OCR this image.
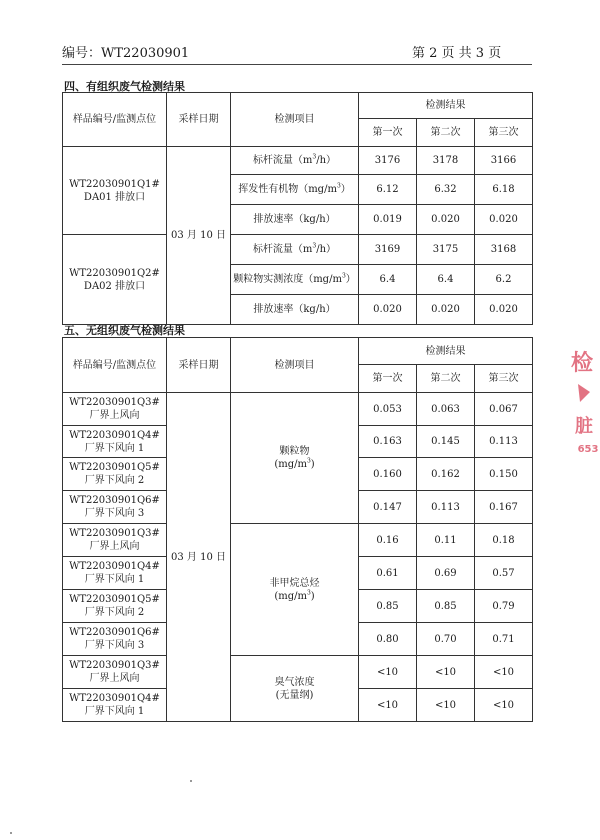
编号：WT22030901	第 2 页 共 3 页
四、有组织废气检测结果
样品编号/监测点位	采样日期	检测项目	检测结果		
			第一次	第二次	第三次

WT22030901Q1#
DA01 排放口	03 月 10 日	标杆流量$(m^3/h)$	3176	3178	3166
		挥发性有机物$(mg/m^3)$	6.12	6.32	6.18
		排放速率（kg/h）	0.019	0.020	0.020

WT22030901Q2#
DA02 排放口		标杆流量$(m^3/h)$	3169	3175	3168
		颗粒物实测浓度$(mg/m^3)$	6.4	6.4	6.2
		排放速率（kg/h）	0.020	0.020	0.020
五、无组织废气检测结果
样品编号/监测点位	采样日期	检测项目	检测结果		
			第一次	第二次	第三次

WT22030901Q3#
厂界上风向	03 月 10 日	颗粒物
$(mg/m^3)$	0.053	0.063	0.067

WT22030901Q4#
厂界下风向 1			0.163	0.145	0.113

WT22030901Q5#
厂界下风向 2			0.160	0.162	0.150

WT22030901Q6#
厂界下风向 3			0.147	0.113	0.167

WT22030901Q3#
厂界上风向		非甲烷总烃
$(mg/m^3)$	0.16	0.11	0.18

WT22030901Q4#
厂界下风向 1			0.61	0.69	0.57

WT22030901Q5#
厂界下风向 2			0.85	0.85	0.79

WT22030901Q6#
厂界下风向 3			0.80	0.70	0.71

WT22030901Q3#
厂界上风向		臭气浓度
(无量纲)	<10	<10	<10

WT22030901Q4#
厂界下风向 1			<10	<10	<10
检
脏
653
